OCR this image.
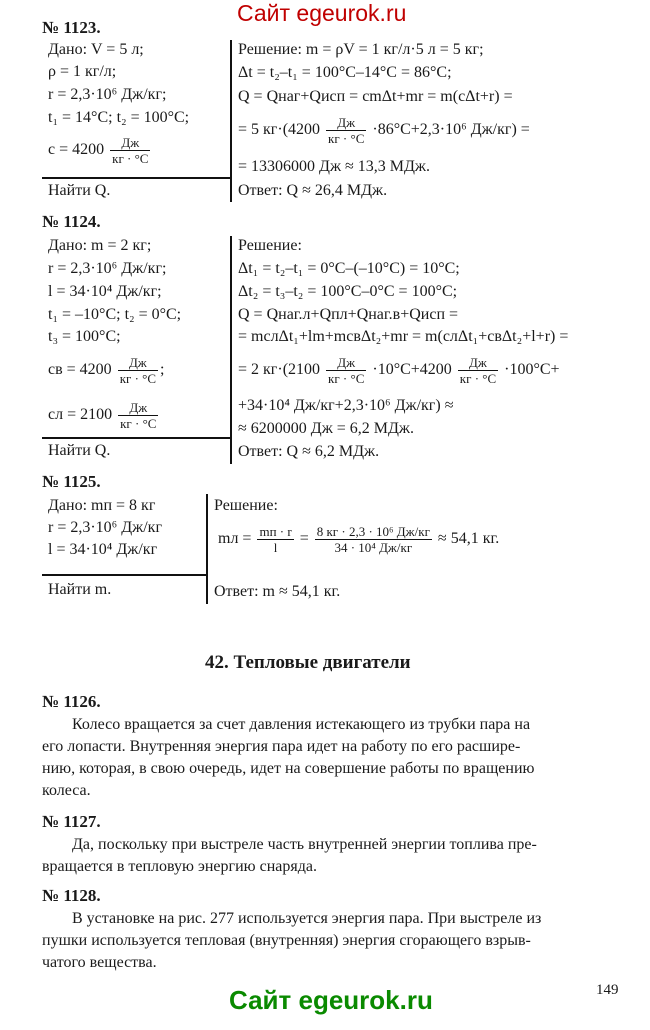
Сайт egeurok.ru
№ 1123.
Дано: V = 5 л;
ρ = 1 кг/л;
r = 2,3·10⁶ Дж/кг;
t₁ = 14°C; t₂ = 100°C;
$c = 4200 \frac{Дж}{кг \cdot ^\circ C}$
Найти Q.
Решение: m = ρV = 1 кг/л·5 л = 5 кг;
Δt = t₂–t₁ = 100°C–14°C = 86°C;
Q = Qнаг+Qисп = cmΔt+mr = m(cΔt+r) =
= 5 $кг\cdot(4200 \frac{Дж}{кг \cdot ^\circ C} \cdot 86^\circ C+2,3\cdot 10^6$ Дж/кг) =
= 13306000 Дж ≈ 13,3 МДж.
Ответ: Q ≈ 26,4 МДж.
№ 1124.
Дано: m = 2 кг;
r = 2,3·10⁶ Дж/кг;
l = 34·10⁴ Дж/кг;
t₁ = –10°C; t₂ = 0°C;
t₃ = 100°C;
cв = $4200 \frac{Дж}{кг \cdot ^\circ C}$ ;
cл = $2100 \frac{Дж}{кг \cdot ^\circ C}$
Найти Q.
Решение:
Δt₁ = t₂–t₁ = 0°C–(–10°C) = 10°C;
Δt₂ = t₃–t₂ = 100°C–0°C = 100°C;
Q = Qнаг.л+Qпл+Qнаг.в+Qисп =
= mcлΔt₁+lm+mcвΔt₂+mr = m(cлΔt₁+cвΔt₂+l+r) =
= 2 $кг\cdot(2100 \frac{Дж}{кг \cdot ^\circ C} \cdot 10^\circ C+4200 \frac{Дж}{кг \cdot ^\circ C} \cdot 100^\circ C+$
+34·10⁴ Дж/кг+2,3·10⁶ Дж/кг) ≈
≈ 6200000 Дж = 6,2 МДж.
Ответ: Q ≈ 6,2 МДж.
№ 1125.
Дано: mп = 8 кг
r = 2,3·10⁶ Дж/кг
l = 34·10⁴ Дж/кг
Найти m.
Решение:
mл = $\frac{mп \cdot r}{l} = \frac{\text{8 кг · 2,3 · 10⁶ Дж/кг}}{\text{34 · 10⁴ Дж/кг}} \approx 54,1$ кг.
Ответ: m ≈ 54,1 кг.
42. Тепловые двигатели
№ 1126.
Колесо вращается за счет давления истекающего из трубки пара на
его лопасти. Внутренняя энергия пара идет на работу по его расшире-
нию, которая, в свою очередь, идет на совершение работы по вращению
колеса.
№ 1127.
Да, поскольку при выстреле часть внутренней энергии топлива пре-
вращается в тепловую энергию снаряда.
№ 1128.
В установке на рис. 277 используется энергия пара. При выстреле из
пушки используется тепловая (внутренняя) энергия сгорающего взрыв-
чатого вещества.
149
Сайт egeurok.ru
